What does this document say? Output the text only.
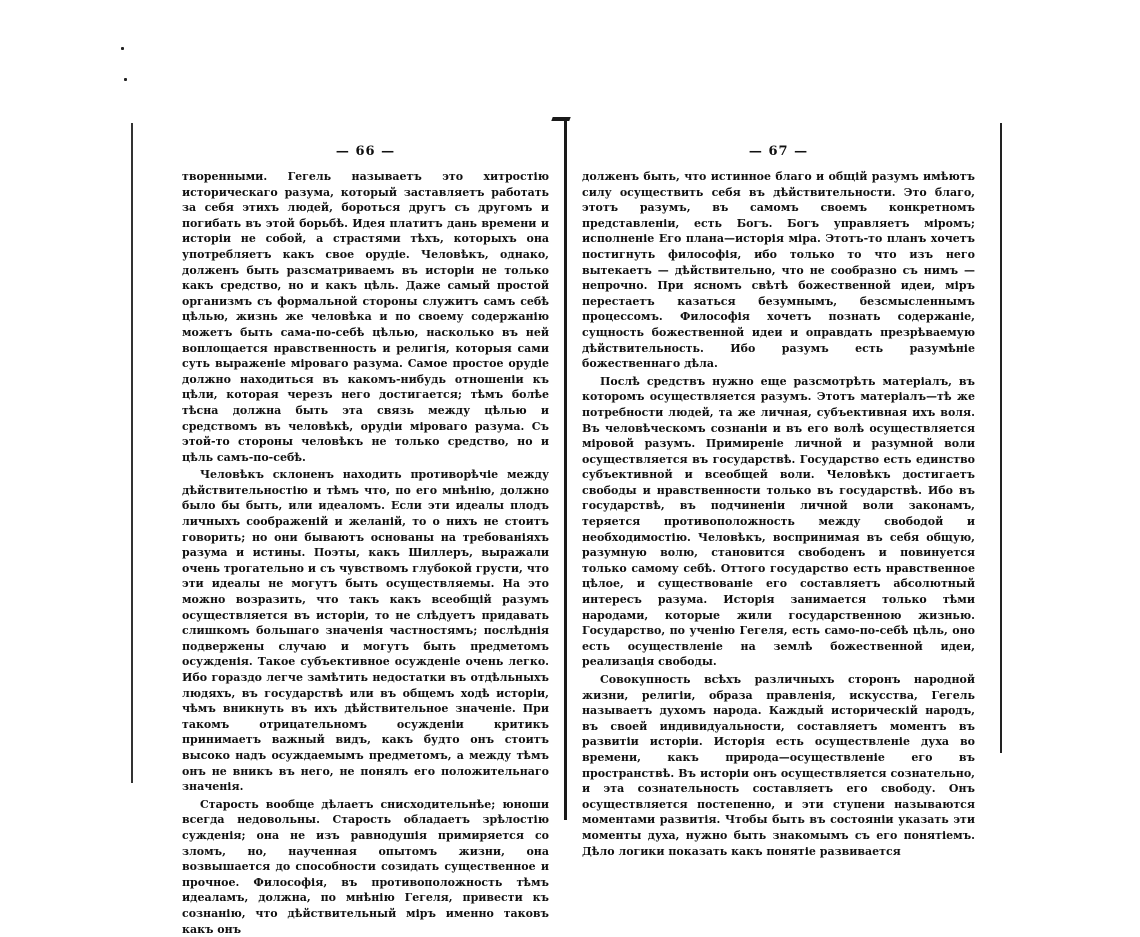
— 66 —

творенными. Гегель называетъ это хитростію историческаго разума, который заставляетъ работать за себя этихъ людей, бороться другъ съ другомъ и погибать въ этой борьбѣ. Идея платитъ дань времени и исторіи не собой, а страстями тѣхъ, которыхъ она употребляетъ какъ свое орудіе. Человѣкъ, однако, долженъ быть разсматриваемъ въ исторіи не только какъ средство, но и какъ цѣль. Даже самый простой организмъ съ формальной стороны служитъ самъ себѣ цѣлью, жизнь же человѣка и по своему содержанію можетъ быть сама-по-себѣ цѣлью, насколько въ ней воплощается нравственность и религія, которыя сами суть выраженіе міроваго разума. Самое простое орудіе должно находиться въ какомъ-нибудь отношеніи къ цѣли, которая черезъ него достигается; тѣмъ болѣе тѣсна должна быть эта связь между цѣлью и средствомъ въ человѣкѣ, орудіи міроваго разума. Съ этой-то стороны человѣкъ не только средство, но и цѣль самъ-по-себѣ.

Человѣкъ склоненъ находить противорѣчіе между дѣйствительностію и тѣмъ что, по его мнѣнію, должно было бы быть, или идеаломъ. Если эти идеалы плодъ личныхъ соображеній и желаній, то о нихъ не стоитъ говорить; но они бываютъ основаны на требованіяхъ разума и истины. Поэты, какъ Шиллеръ, выражали очень трогательно и съ чувствомъ глубокой грусти, что эти идеалы не могутъ быть осуществляемы. На это можно возразить, что такъ какъ всеобщій разумъ осуществляется въ исторіи, то не слѣдуетъ придавать слишкомъ большаго значенія частностямъ; послѣднія подвержены случаю и могутъ быть предметомъ осужденія. Такое субъективное осужденіе очень легко. Ибо гораздо легче замѣтить недостатки въ отдѣльныхъ людяхъ, въ государствѣ или въ общемъ ходѣ исторіи, чѣмъ вникнуть въ ихъ дѣйствительное значеніе. При такомъ отрицательномъ осужденіи критикъ принимаетъ важный видъ, какъ будто онъ стоитъ высоко надъ осуждаемымъ предметомъ, а между тѣмъ онъ не вникъ въ него, не понялъ его положительнаго значенія.

Старость вообще дѣлаетъ снисходительнѣе; юноши всегда недовольны. Старость обладаетъ зрѣлостію сужденія; она не изъ равнодушія примиряется со зломъ, но, наученная опытомъ жизни, она возвышается до способности созидать существенное и прочное. Философія, въ противоположность тѣмъ идеаламъ, должна, по мнѣнію Гегеля, привести къ сознанію, что дѣйствительный міръ именно таковъ какъ онъ

— 67 —

долженъ быть, что истинное благо и общій разумъ имѣютъ силу осуществить себя въ дѣйствительности. Это благо, этотъ разумъ, въ самомъ своемъ конкретномъ представленіи, есть Богъ. Богъ управляетъ міромъ; исполненіе Его плана—исторія міра. Этотъ-то планъ хочетъ постигнуть философія, ибо только то что изъ него вытекаетъ — дѣйствительно, что не сообразно съ нимъ — непрочно. При ясномъ свѣтѣ божественной идеи, міръ перестаетъ казаться безумнымъ, безсмысленнымъ процессомъ. Философія хочетъ познать содержаніе, сущность божественной идеи и оправдать презрѣваемую дѣйствительность. Ибо разумъ есть разумѣніе божественнаго дѣла.

Послѣ средствъ нужно еще разсмотрѣть матеріалъ, въ которомъ осуществляется разумъ. Этотъ матеріалъ—тѣ же потребности людей, та же личная, субъективная ихъ воля. Въ человѣческомъ сознаніи и въ его волѣ осуществляется міровой разумъ. Примиреніе личной и разумной воли осуществляется въ государствѣ. Государство есть единство субъективной и всеобщей воли. Человѣкъ достигаетъ свободы и нравственности только въ государствѣ. Ибо въ государствѣ, въ подчиненіи личной воли законамъ, теряется противоположность между свободой и необходимостію. Человѣкъ, воспринимая въ себя общую, разумную волю, становится свободенъ и повинуется только самому себѣ. Оттого государство есть нравственное цѣлое, и существованіе его составляетъ абсолютный интересъ разума. Исторія занимается только тѣми народами, которые жили государственною жизнью. Государство, по ученію Гегеля, есть само-по-себѣ цѣль, оно есть осуществленіе на землѣ божественной идеи, реализація свободы.

Совокупность всѣхъ различныхъ сторонъ народной жизни, религіи, образа правленія, искусства, Гегель называетъ духомъ народа. Каждый историческій народъ, въ своей индивидуальности, составляетъ моментъ въ развитіи исторіи. Исторія есть осуществленіе духа во времени, какъ природа—осуществленіе его въ пространствѣ. Въ исторіи онъ осуществляется сознательно, и эта сознательность составляетъ его свободу. Онъ осуществляется постепенно, и эти ступени называются моментами развитія. Чтобы быть въ состояніи указать эти моменты духа, нужно быть знакомымъ съ его понятіемъ. Дѣло логики показать какъ понятіе развивается
